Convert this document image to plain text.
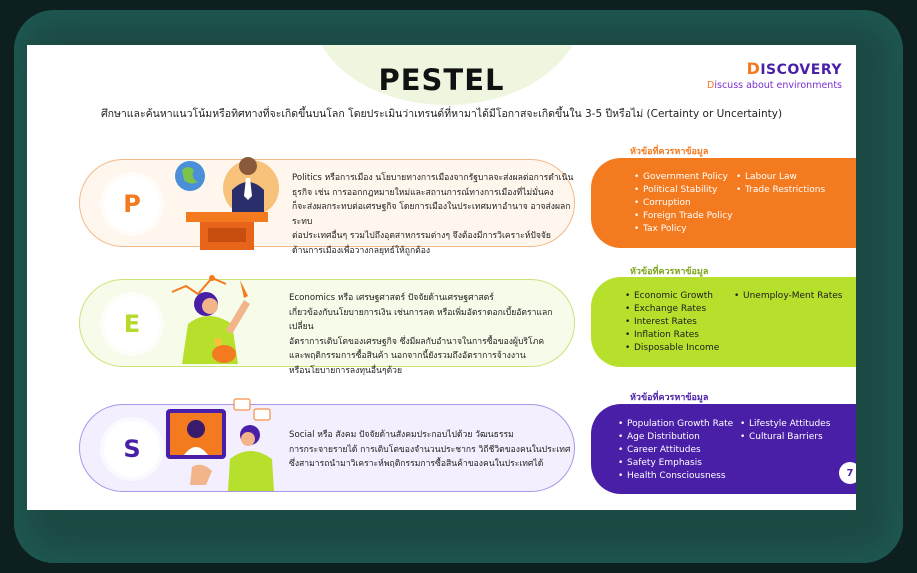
PESTEL	DISCOVERY
Discuss about environments
ศึกษาและค้นหาแนวโน้มหรือทิศทางที่จะเกิดขึ้นบนโลก โดยประเมินว่าเทรนด์ที่หามาได้มีโอกาสจะเกิดขึ้นใน 3-5 ปีหรือไม่ (Certainty or Uncertainty)
P
Politics หรือการเมือง นโยบายทางการเมืองจากรัฐบาลจะส่งผลต่อการดำเนิน
ธุรกิจ เช่น การออกกฎหมายใหม่และสถานการณ์ทางการเมืองที่ไม่มั่นคง
ก็จะส่งผลกระทบต่อเศรษฐกิจ โดยการเมืองในประเทศมหาอำนาจ อาจส่งผลกระทบ
ต่อประเทศอื่นๆ รวมไปถึงอุตสาหกรรมต่างๆ จึงต้องมีการวิเคราะห์ปัจจัย
ด้านการเมืองเพื่อวางกลยุทธ์ให้ถูกต้อง
หัวข้อที่ควรหาข้อมูล
• Government Policy
• Political Stability
• Corruption
• Foreign Trade Policy
• Tax Policy
• Labour Law
• Trade Restrictions
E
Economics หรือ เศรษฐศาสตร์ ปัจจัยด้านเศรษฐศาสตร์
เกี่ยวข้องกับนโยบายการเงิน เช่นการลด หรือเพิ่มอัตราดอกเบี้ยอัตราแลกเปลี่ยน
อัตราการเติบโตของเศรษฐกิจ ซึ่งมีผลกับอำนาจในการซื้อของผู้บริโภค
และพฤติกรรมการซื้อสินค้า นอกจากนี้ยังรวมถึงอัตราการจ้างงาน
หรือนโยบายการลงทุนอื่นๆด้วย
หัวข้อที่ควรหาข้อมูล
• Economic Growth
• Exchange Rates
• Interest Rates
• Inflation Rates
• Disposable Income
• Unemploy-Ment Rates
S	Social หรือ สังคม ปัจจัยด้านสังคมประกอบไปด้วย วัฒนธรรม
การกระจายรายได้ การเติบโตของจำนวนประชากร วิถีชีวิตของคนในประเทศ
ซึ่งสามารถนำมาวิเคราะห์พฤติกรรมการซื้อสินค้าของคนในประเทศได้
หัวข้อที่ควรหาข้อมูล
• Population Growth Rate
• Age Distribution
• Career Attitudes
• Safety Emphasis
• Health Consciousness
• Lifestyle Attitudes
• Cultural Barriers
7
